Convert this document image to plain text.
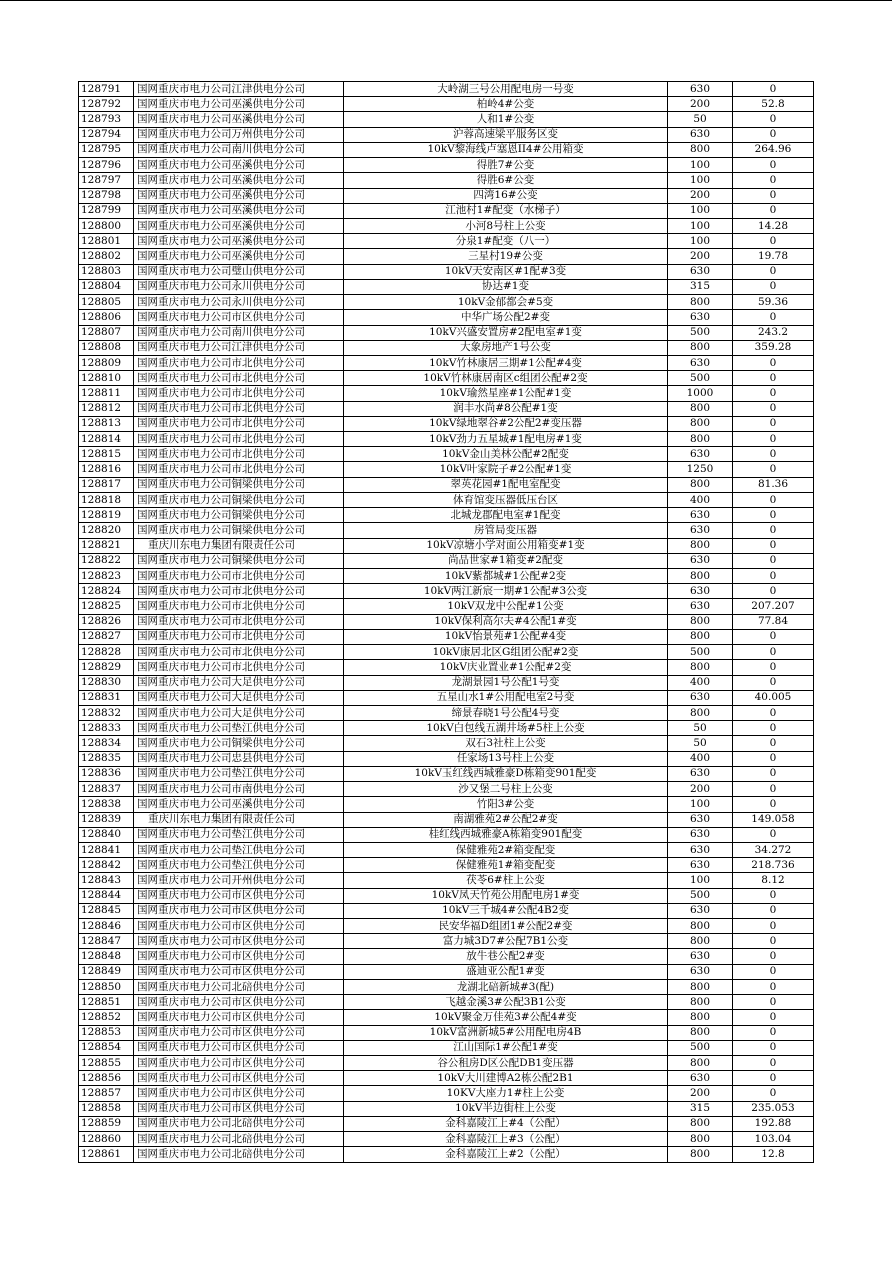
128791	国网重庆市电力公司江津供电分公司	大岭湖三号公用配电房一号变	630	0
128792	国网重庆市电力公司巫溪供电分公司	柏岭4#公变	200	52.8
128793	国网重庆市电力公司巫溪供电分公司	人和1#公变	50	0
128794	国网重庆市电力公司万州供电分公司	沪蓉高速梁平服务区变	630	0
128795	国网重庆市电力公司南川供电分公司	10kV黎海线卢塞恩II4#公用箱变	800	264.96
128796	国网重庆市电力公司巫溪供电分公司	得胜7#公变	100	0
128797	国网重庆市电力公司巫溪供电分公司	得胜6#公变	100	0
128798	国网重庆市电力公司巫溪供电分公司	四湾16#公变	200	0
128799	国网重庆市电力公司巫溪供电分公司	江池村1#配变（水梯子）	100	0
128800	国网重庆市电力公司巫溪供电分公司	小河8号柱上公变	100	14.28
128801	国网重庆市电力公司巫溪供电分公司	分泉1#配变（八一）	100	0
128802	国网重庆市电力公司巫溪供电分公司	三星村19#公变	200	19.78
128803	国网重庆市电力公司璧山供电分公司	10kV天安南区#1配#3变	630	0
128804	国网重庆市电力公司永川供电分公司	协达#1变	315	0
128805	国网重庆市电力公司永川供电分公司	10kV金郁都会#5变	800	59.36
128806	国网重庆市电力公司市区供电分公司	中华广场公配2#变	630	0
128807	国网重庆市电力公司南川供电分公司	10kV兴盛安置房#2配电室#1变	500	243.2
128808	国网重庆市电力公司江津供电分公司	大象房地产1号公变	800	359.28
128809	国网重庆市电力公司市北供电分公司	10kV竹林康居三期#1公配#4变	630	0
128810	国网重庆市电力公司市北供电分公司	10kV竹林康居南区c组团公配#2变	500	0
128811	国网重庆市电力公司市北供电分公司	10kV瑜然星座#1公配#1变	1000	0
128812	国网重庆市电力公司市北供电分公司	润丰水尚#8公配#1变	800	0
128813	国网重庆市电力公司市北供电分公司	10kV绿地翠谷#2公配2#变压器	800	0
128814	国网重庆市电力公司市北供电分公司	10kV劲力五星城#1配电房#1变	800	0
128815	国网重庆市电力公司市北供电分公司	10kV金山美林公配#2配变	630	0
128816	国网重庆市电力公司市北供电分公司	10kV叶家院子#2公配#1变	1250	0
128817	国网重庆市电力公司铜梁供电分公司	翠英花园#1配电室配变	800	81.36
128818	国网重庆市电力公司铜梁供电分公司	体育馆变压器低压台区	400	0
128819	国网重庆市电力公司铜梁供电分公司	北城龙郡配电室#1配变	630	0
128820	国网重庆市电力公司铜梁供电分公司	房管局变压器	630	0
128821	重庆川东电力集团有限责任公司	10kV凉塘小学对面公用箱变#1变	800	0
128822	国网重庆市电力公司铜梁供电分公司	尚品世家#1箱变#2配变	630	0
128823	国网重庆市电力公司市北供电分公司	10kV紫都城#1公配#2变	800	0
128824	国网重庆市电力公司市北供电分公司	10kV两江新宸一期#1公配#3公变	630	0
128825	国网重庆市电力公司市北供电分公司	10kV双龙中公配#1公变	630	207.207
128826	国网重庆市电力公司市北供电分公司	10kV保利高尔夫#4公配1#变	800	77.84
128827	国网重庆市电力公司市北供电分公司	10kV怡景苑#1公配#4变	800	0
128828	国网重庆市电力公司市北供电分公司	10kV康居北区G组团公配#2变	500	0
128829	国网重庆市电力公司市北供电分公司	10kV庆业置业#1公配#2变	800	0
128830	国网重庆市电力公司大足供电分公司	龙湖景园1号公配1号变	400	0
128831	国网重庆市电力公司大足供电分公司	五星山水1#公用配电室2号变	630	40.005
128832	国网重庆市电力公司大足供电分公司	缔景春晓1号公配4号变	800	0
128833	国网重庆市电力公司垫江供电分公司	10kV白包线五湖井场#5柱上公变	50	0
128834	国网重庆市电力公司铜梁供电分公司	双石3社柱上公变	50	0
128835	国网重庆市电力公司忠县供电分公司	任家场13号柱上公变	400	0
128836	国网重庆市电力公司垫江供电分公司	10kV玉红线西城雅豪D栋箱变901配变	630	0
128837	国网重庆市电力公司市南供电分公司	沙又堡二号柱上公变	200	0
128838	国网重庆市电力公司巫溪供电分公司	竹阳3#公变	100	0
128839	重庆川东电力集团有限责任公司	南湖雅苑2#公配2#变	630	149.058
128840	国网重庆市电力公司垫江供电分公司	桂红线西城雅豪A栋箱变901配变	630	0
128841	国网重庆市电力公司垫江供电分公司	保健雅苑2#箱变配变	630	34.272
128842	国网重庆市电力公司垫江供电分公司	保健雅苑1#箱变配变	630	218.736
128843	国网重庆市电力公司开州供电分公司	茯苓6#柱上公变	100	8.12
128844	国网重庆市电力公司市区供电分公司	10kV凤天竹苑公用配电房1#变	500	0
128845	国网重庆市电力公司市区供电分公司	10kV三千城4#公配4B2变	630	0
128846	国网重庆市电力公司市区供电分公司	民安华福D组团1#公配2#变	800	0
128847	国网重庆市电力公司市区供电分公司	富力城3D7#公配7B1公变	800	0
128848	国网重庆市电力公司市区供电分公司	放牛巷公配2#变	630	0
128849	国网重庆市电力公司市区供电分公司	盛迪亚公配1#变	630	0
128850	国网重庆市电力公司北碚供电分公司	龙湖北碚新城#3(配)	800	0
128851	国网重庆市电力公司市区供电分公司	飞越金溪3#公配3B1公变	800	0
128852	国网重庆市电力公司市区供电分公司	10kV聚金万佳苑3#公配4#变	800	0
128853	国网重庆市电力公司市区供电分公司	10kV富洲新城5#公用配电房4B	800	0
128854	国网重庆市电力公司市区供电分公司	江山国际1#公配1#变	500	0
128855	国网重庆市电力公司市区供电分公司	谷公租房D区公配DB1变压器	800	0
128856	国网重庆市电力公司市区供电分公司	10kV大川建博A2栋公配2B1	630	0
128857	国网重庆市电力公司市区供电分公司	10KV大座力1#柱上公变	200	0
128858	国网重庆市电力公司市区供电分公司	10kV半边街柱上公变	315	235.053
128859	国网重庆市电力公司北碚供电分公司	金科嘉陵江上#4（公配）	800	192.88
128860	国网重庆市电力公司北碚供电分公司	金科嘉陵江上#3（公配）	800	103.04
128861	国网重庆市电力公司北碚供电分公司	金科嘉陵江上#2（公配）	800	12.8
